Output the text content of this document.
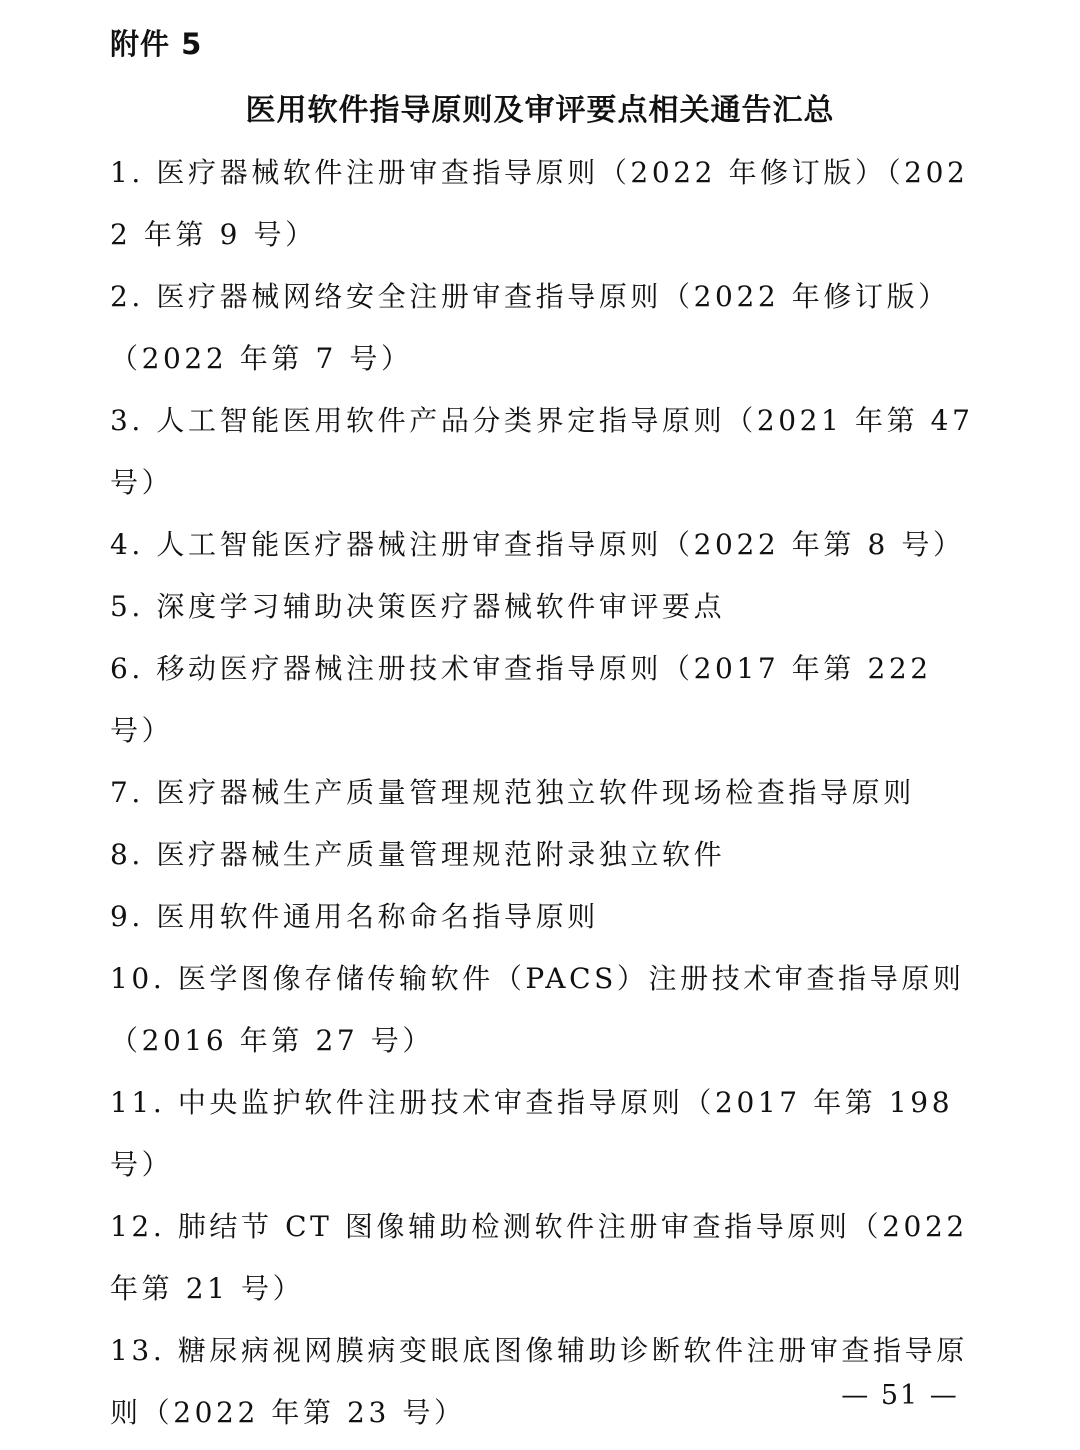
附件 5
医用软件指导原则及审评要点相关通告汇总
1. 医疗器械软件注册审查指导原则（2022 年修订版）（2022 年第 9 号）
2. 医疗器械网络安全注册审查指导原则（2022 年修订版）（2022 年第 7 号）
3. 人工智能医用软件产品分类界定指导原则（2021 年第 47 号）
4. 人工智能医疗器械注册审查指导原则（2022 年第 8 号）
5. 深度学习辅助决策医疗器械软件审评要点
6. 移动医疗器械注册技术审查指导原则（2017 年第 222 号）
7. 医疗器械生产质量管理规范独立软件现场检查指导原则
8. 医疗器械生产质量管理规范附录独立软件
9. 医用软件通用名称命名指导原则
10. 医学图像存储传输软件（PACS）注册技术审查指导原则（2016 年第 27 号）
11. 中央监护软件注册技术审查指导原则（2017 年第 198 号）
12. 肺结节 CT 图像辅助检测软件注册审查指导原则（2022 年第 21 号）
13. 糖尿病视网膜病变眼底图像辅助诊断软件注册审查指导原则（2022 年第 23 号）
— 51 —
